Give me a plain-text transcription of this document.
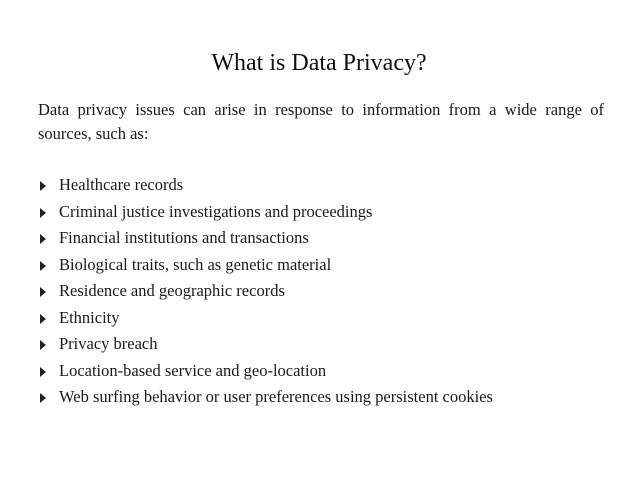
What is Data Privacy?
Data privacy issues can arise in response to information from a wide range of sources, such as:
Healthcare records
Criminal justice investigations and proceedings
Financial institutions and transactions
Biological traits, such as genetic material
Residence and geographic records
Ethnicity
Privacy breach
Location-based service and geo-location
Web surfing behavior or user preferences using persistent cookies
